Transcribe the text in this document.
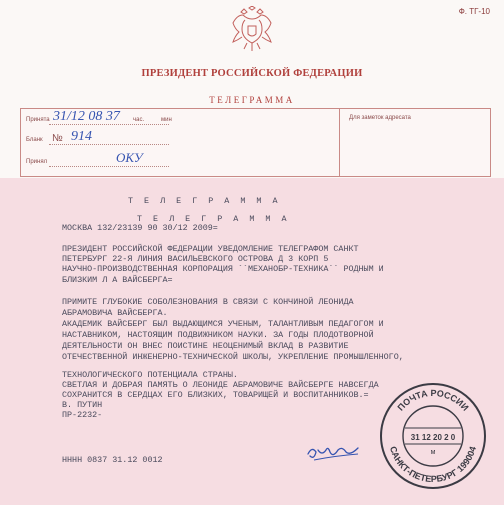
Ф. ТГ-10
ПРЕЗИДЕНТ РОССИЙСКОЙ ФЕДЕРАЦИИ
ТЕЛЕГРАММА
Принята 31/12 08 37 час.	мин
Бланк № 914
Принял	ОКУ
Для заметок адресата
Т Е Л Е Г Р А М М А
Т Е Л Е Г Р А М М А
МОСКВА 132/23139 90 30/12 2009=
ПРЕЗИДЕНТ РОССИЙСКОЙ ФЕДЕРАЦИИ УВЕДОМЛЕНИЕ ТЕЛЕГРАФОМ САНКТ
ПЕТЕРБУРГ 22-Я ЛИНИЯ ВАСИЛЬЕВСКОГО ОСТРОВА Д 3 КОРП 5
НАУЧНО-ПРОИЗВОДСТВЕННАЯ КОРПОРАЦИЯ ``МЕХАНОБР-ТЕХНИКА`` РОДНЫМ И
БЛИЗКИМ Л А ВАЙСБЕРГА=
ПРИМИТЕ ГЛУБОКИЕ СОБОЛЕЗНОВАНИЯ В СВЯЗИ С КОНЧИНОЙ ЛЕОНИДА
АБРАМОВИЧА ВАЙСБЕРГА.
АКАДЕМИК ВАЙСБЕРГ БЫЛ ВЫДАЮЩИМСЯ УЧЕНЫМ, ТАЛАНТЛИВЫМ ПЕДАГОГОМ И
НАСТАВНИКОМ, НАСТОЯЩИМ ПОДВИЖНИКОМ НАУКИ. ЗА ГОДЫ ПЛОДОТВОРНОЙ
ДЕЯТЕЛЬНОСТИ ОН ВНЕС ПОИСТИНЕ НЕОЦЕНИМЫЙ ВКЛАД В РАЗВИТИЕ
ОТЕЧЕСТВЕННОЙ ИНЖЕНЕРНО-ТЕХНИЧЕСКОЙ ШКОЛЫ, УКРЕПЛЕНИЕ ПРОМЫШЛЕННОГО,
ТЕХНОЛОГИЧЕСКОГО ПОТЕНЦИАЛА СТРАНЫ.
СВЕТЛАЯ И ДОБРАЯ ПАМЯТЬ О ЛЕОНИДЕ АБРАМОВИЧЕ ВАЙСБЕРГЕ НАВСЕГДА
СОХРАНИТСЯ В СЕРДЦАХ ЕГО БЛИЗКИХ, ТОВАРИЩЕЙ И ВОСПИТАННИКОВ.=
В. ПУТИН
ПР-2232-
НННН 0837 31.12 0012
ПОЧТА РОССИИ
САНКТ-ПЕТЕРБУРГ 199004
31 12 20 2 0
м
